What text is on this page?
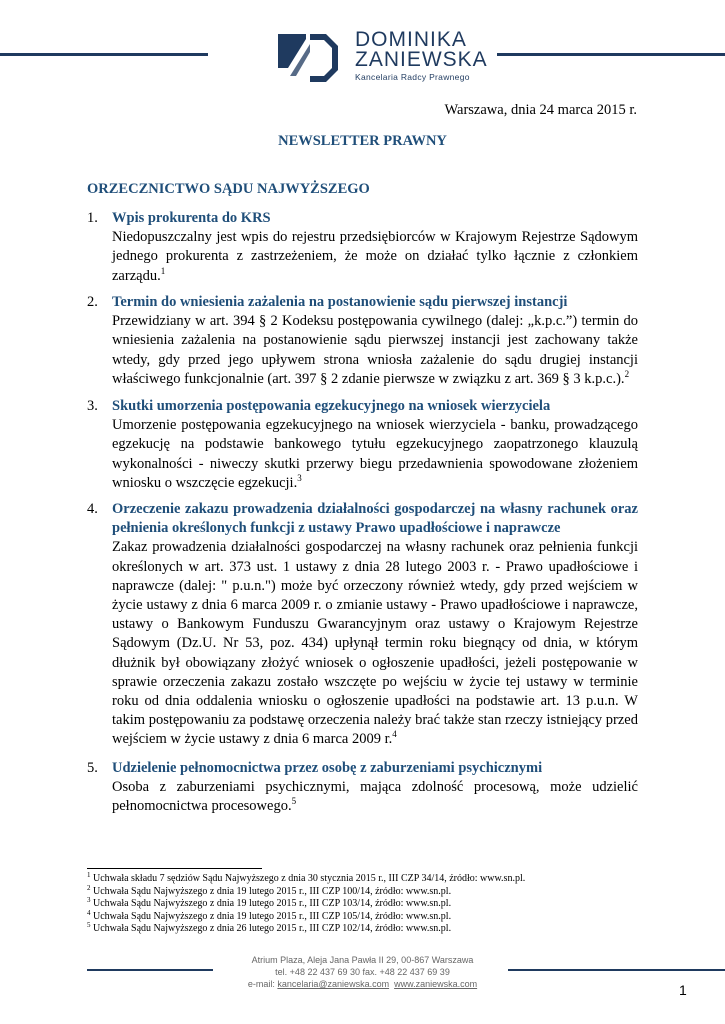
DOMINIKA
ZANIEWSKA
Kancelaria Radcy Prawnego
Warszawa, dnia 24 marca 2015 r.
NEWSLETTER PRAWNY
ORZECZNICTWO SĄDU NAJWYŻSZEGO
1. Wpis prokurenta do KRS
Niedopuszczalny jest wpis do rejestru przedsiębiorców w Krajowym Rejestrze Sądowym jednego prokurenta z zastrzeżeniem, że może on działać tylko łącznie z członkiem zarządu.$^1$
2. Termin do wniesienia zażalenia na postanowienie sądu pierwszej instancji
Przewidziany w art. 394 § 2 Kodeksu postępowania cywilnego (dalej: „k.p.c.”) termin do wniesienia zażalenia na postanowienie sądu pierwszej instancji jest zachowany także wtedy, gdy przed jego upływem strona wniosła zażalenie do sądu drugiej instancji właściwego funkcjonalnie (art. 397 § 2 zdanie pierwsze w związku z art. 369 § 3 k.p.c.).$^2$
3. Skutki umorzenia postępowania egzekucyjnego na wniosek wierzyciela
Umorzenie postępowania egzekucyjnego na wniosek wierzyciela - banku, prowadzącego egzekucję na podstawie bankowego tytułu egzekucyjnego zaopatrzonego klauzulą wykonalności - niweczy skutki przerwy biegu przedawnienia spowodowane złożeniem wniosku o wszczęcie egzekucji.$^3$
4. Orzeczenie zakazu prowadzenia działalności gospodarczej na własny rachunek oraz pełnienia określonych funkcji z ustawy Prawo upadłościowe i naprawcze
Zakaz prowadzenia działalności gospodarczej na własny rachunek oraz pełnienia funkcji określonych w art. 373 ust. 1 ustawy z dnia 28 lutego 2003 r. - Prawo upadłościowe i naprawcze (dalej: " p.u.n.") może być orzeczony również wtedy, gdy przed wejściem w życie ustawy z dnia 6 marca 2009 r. o zmianie ustawy - Prawo upadłościowe i naprawcze, ustawy o Bankowym Funduszu Gwarancyjnym oraz ustawy o Krajowym Rejestrze Sądowym (Dz.U. Nr 53, poz. 434) upłynął termin roku biegnący od dnia, w którym dłużnik był obowiązany złożyć wniosek o ogłoszenie upadłości, jeżeli postępowanie w sprawie orzeczenia zakazu zostało wszczęte po wejściu w życie tej ustawy w terminie roku od dnia oddalenia wniosku o ogłoszenie upadłości na podstawie art. 13 p.u.n. W takim postępowaniu za podstawę orzeczenia należy brać także stan rzeczy istniejący przed wejściem w życie ustawy z dnia 6 marca 2009 r.$^4$
5. Udzielenie pełnomocnictwa przez osobę z zaburzeniami psychicznymi
Osoba z zaburzeniami psychicznymi, mająca zdolność procesową, może udzielić pełnomocnictwa procesowego.$^5$
$^1$ Uchwała składu 7 sędziów Sądu Najwyższego z dnia 30 stycznia 2015 r., III CZP 34/14, źródło: www.sn.pl.
$^2$ Uchwała Sądu Najwyższego z dnia 19 lutego 2015 r., III CZP 100/14, źródło: www.sn.pl.
$^3$ Uchwała Sądu Najwyższego z dnia 19 lutego 2015 r., III CZP 103/14, źródło: www.sn.pl.
$^4$ Uchwała Sądu Najwyższego z dnia 19 lutego 2015 r., III CZP 105/14, źródło: www.sn.pl.
$^5$ Uchwała Sądu Najwyższego z dnia 26 lutego 2015 r., III CZP 102/14, źródło: www.sn.pl.
Atrium Plaza, Aleja Jana Pawła II 29, 00-867 Warszawa
tel. +48 22 437 69 30 fax. +48 22 437 69 39
e-mail: kancelaria@zaniewska.com www.zaniewska.com	1
